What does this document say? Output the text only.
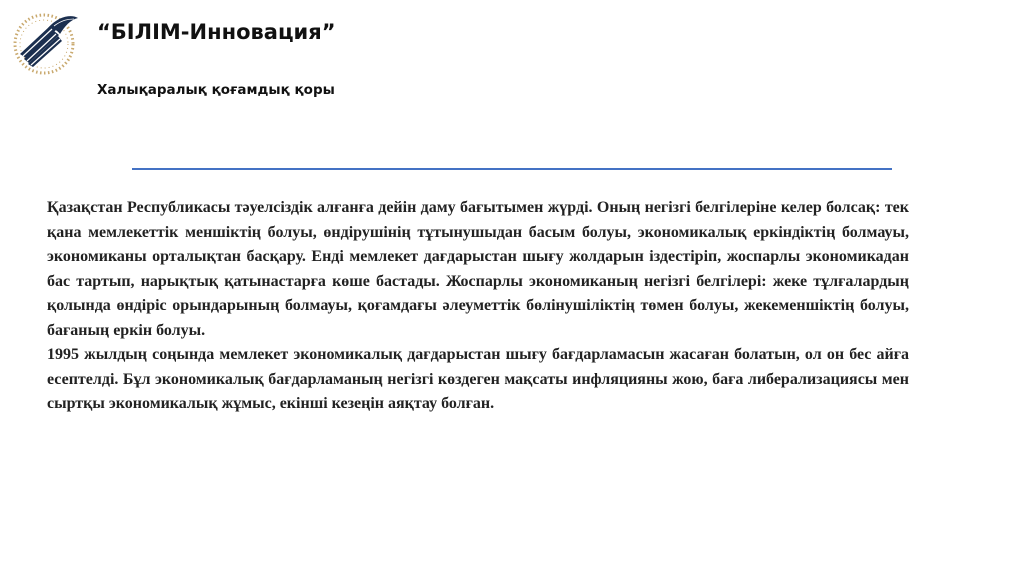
“БІЛІМ-Инновация”
Халықаралық қоғамдық қоры

Қазақстан Республикасы тәуелсіздік алғанға дейін даму бағытымен жүрді. Оның негізгі белгілеріне келер болсақ: тек қана мемлекеттік меншіктің болуы, өндірушінің тұтынушыдан басым болуы, экономикалық еркіндіктің болмауы, экономиканы орталықтан басқару. Енді мемлекет дағдарыстан шығу жолдарын іздестіріп, жоспарлы экономикадан бас тартып, нарықтық қатынастарға көше бастады. Жоспарлы экономиканың негізгі белгілері: жеке тұлғалардың қолында өндіріс орындарының болмауы, қоғамдағы әлеуметтік бөлінушіліктің төмен болуы, жекеменшіктің болуы, бағаның еркін болуы.

1995 жылдың соңында мемлекет экономикалық дағдарыстан шығу бағдарламасын жасаған болатын, ол он бес айға есептелді. Бұл экономикалық бағдарламаның негізгі көздеген мақсаты инфляцияны жою, баға либерализациясы мен сыртқы экономикалық жұмыс, екінші кезеңін аяқтау болған.
